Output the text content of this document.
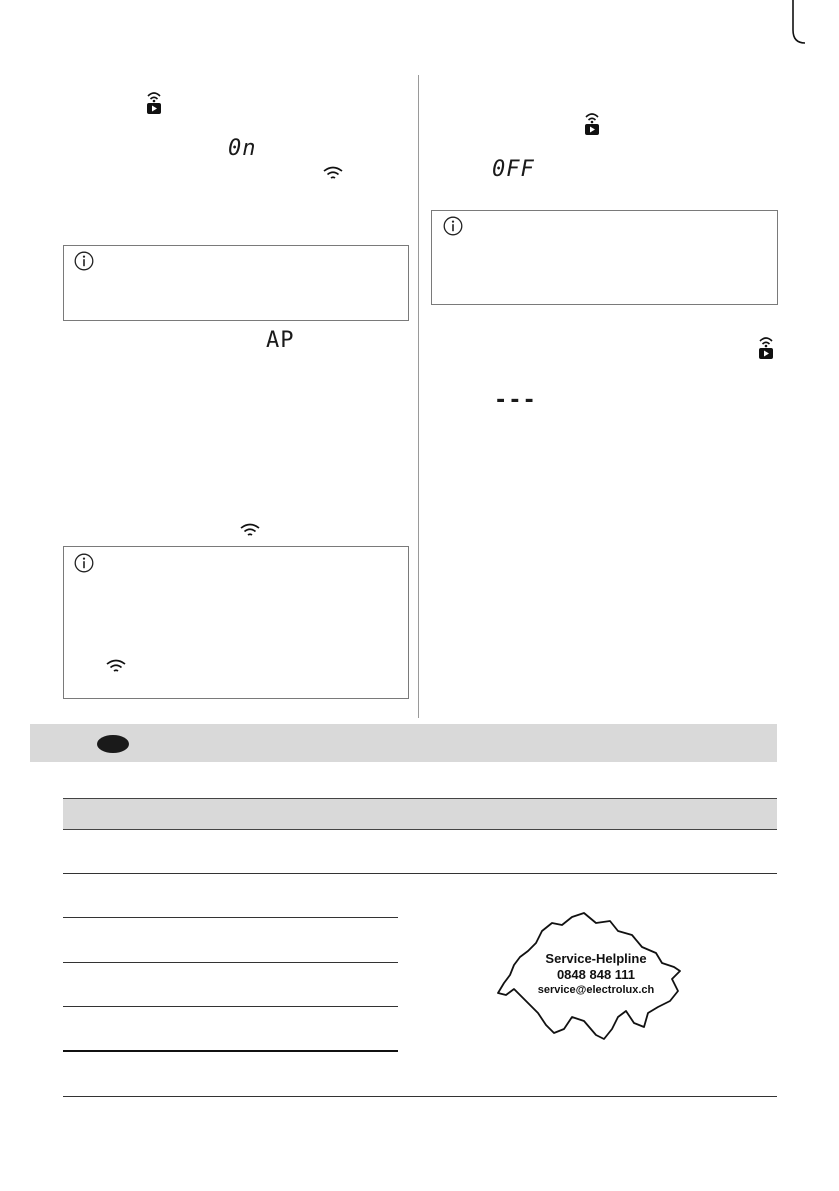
0n
AP
0FF
---
Service-Helpline
0848 848 111
service@electrolux.ch
